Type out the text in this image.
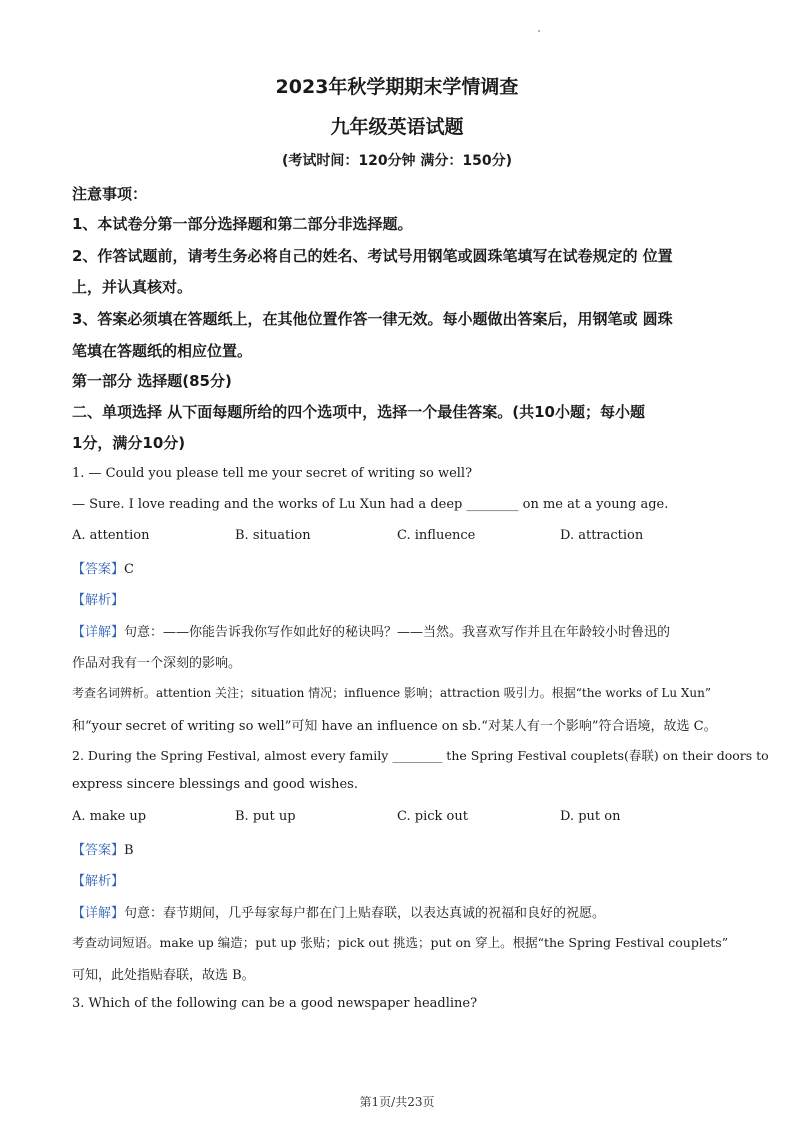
2023年秋学期期末学情调查
九年级英语试题
(考试时间：120分钟 满分：150分)
注意事项：
1、本试卷分第一部分选择题和第二部分非选择题。
2、作答试题前，请考生务必将自己的姓名、考试号用钢笔或圆珠笔填写在试卷规定的 位置
上，并认真核对。
3、答案必须填在答题纸上，在其他位置作答一律无效。每小题做出答案后，用钢笔或 圆珠
笔填在答题纸的相应位置。
第一部分 选择题(85分)
二、单项选择 从下面每题所给的四个选项中，选择一个最佳答案。(共10小题；每小题
1分，满分10分)
1. — Could you please tell me your secret of writing so well?
— Sure. I love reading and the works of Lu Xun had a deep ________ on me at a young age.
A. attention	B. situation	C. influence	D. attraction
【答案】C
【解析】
【详解】句意：——你能告诉我你写作如此好的秘诀吗？——当然。我喜欢写作并且在年龄较小时鲁迅的
作品对我有一个深刻的影响。
考查名词辨析。attention 关注；situation 情况；influence 影响；attraction 吸引力。根据“the works of Lu Xun”
和“your secret of writing so well”可知 have an influence on sb.“对某人有一个影响”符合语境，故选 C。
2. During the Spring Festival, almost every family ________ the Spring Festival couplets(春联) on their doors to
express sincere blessings and good wishes.
A. make up	B. put up	C. pick out	D. put on
【答案】B
【解析】
【详解】句意：春节期间，几乎每家每户都在门上贴春联，以表达真诚的祝福和良好的祝愿。
考查动词短语。make up 编造；put up 张贴；pick out 挑选；put on 穿上。根据“the Spring Festival couplets”
可知，此处指贴春联，故选 B。
3. Which of the following can be a good newspaper headline?
第1页/共23页
